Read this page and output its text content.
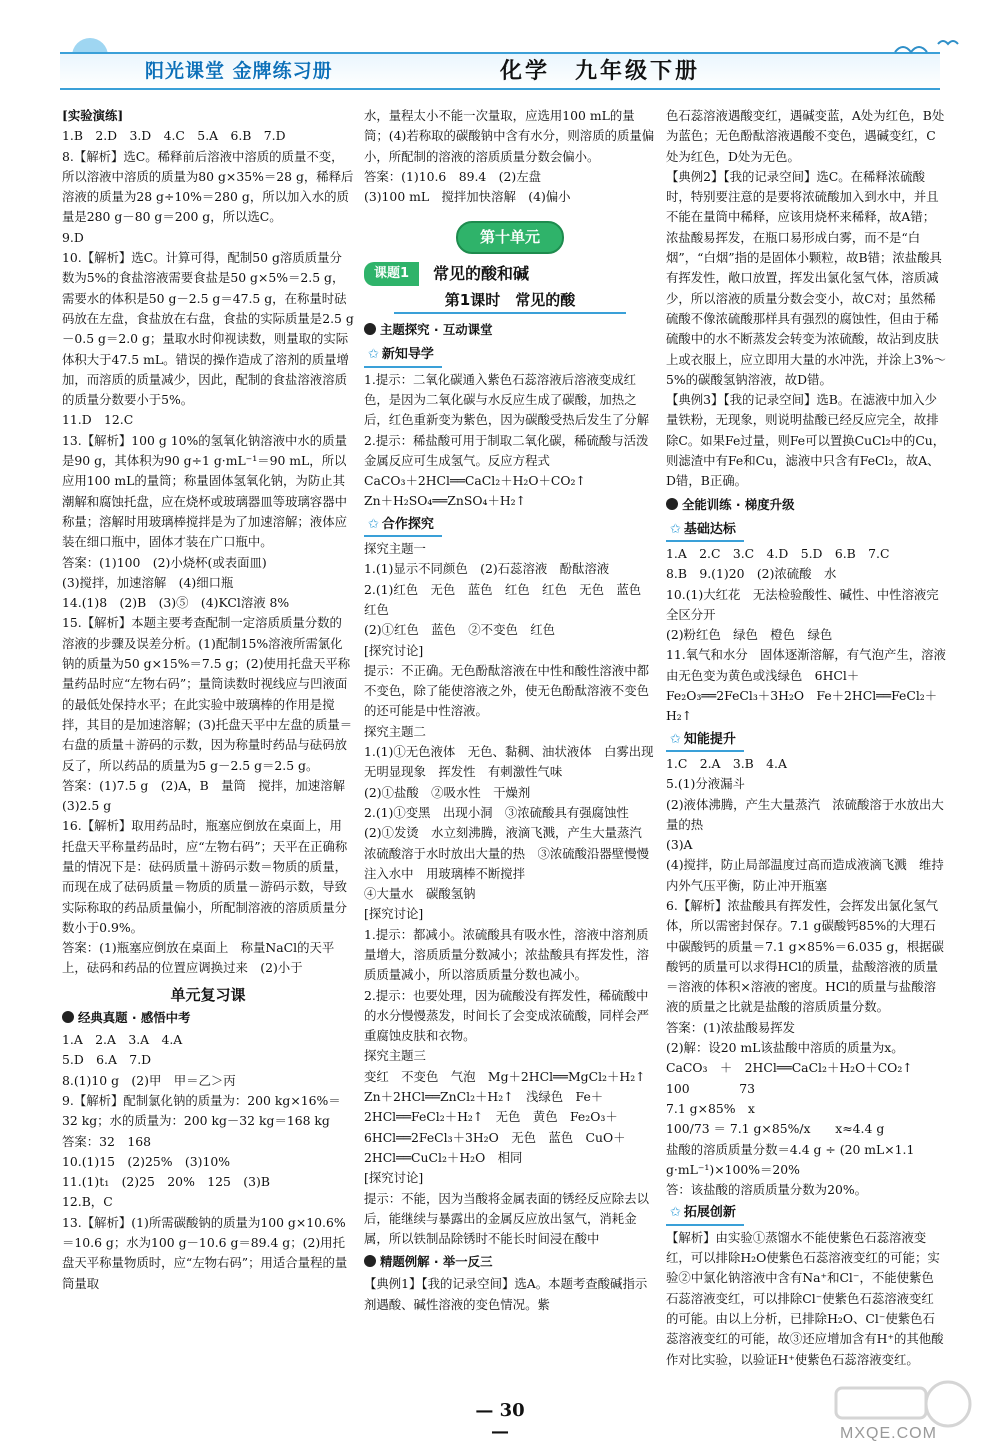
阳光课堂 金牌练习册	化学　九年级下册

[实验演练]

1.B　2.D　3.D　4.C　5.A　6.B　7.D

8.【解析】选C。稀释前后溶液中溶质的质量不变，所以溶液中溶质的质量为80 g×35%＝28 g，稀释后溶液的质量为28 g÷10%＝280 g，所以加入水的质量是280 g－80 g＝200 g，所以选C。

9.D

10.【解析】选C。计算可得，配制50 g溶质质量分数为5%的食盐溶液需要食盐是50 g×5%＝2.5 g，需要水的体积是50 g－2.5 g＝47.5 g，在称量时砝码放在左盘，食盐放在右盘，食盐的实际质量是2.5 g－0.5 g＝2.0 g；量取水时仰视读数，则量取的实际体积大于47.5 mL。错误的操作造成了溶剂的质量增加，而溶质的质量减少，因此，配制的食盐溶液溶质的质量分数要小于5%。

11.D　12.C

13.【解析】100 g 10%的氢氧化钠溶液中水的质量是90 g，其体积为90 g÷1 g·mL⁻¹＝90 mL，所以应用100 mL的量筒；称量固体氢氧化钠，为防止其潮解和腐蚀托盘，应在烧杯或玻璃器皿等玻璃容器中称量；溶解时用玻璃棒搅拌是为了加速溶解；液体应装在细口瓶中，固体才装在广口瓶中。

答案：(1)100　(2)小烧杯(或表面皿)

(3)搅拌，加速溶解　(4)细口瓶

14.(1)8　(2)B　(3)⑤　(4)KCl溶液 8%

15.【解析】本题主要考查配制一定溶质质量分数的溶液的步骤及误差分析。(1)配制15%溶液所需氯化钠的质量为50 g×15%＝7.5 g；(2)使用托盘天平称量药品时应“左物右码”；量筒读数时视线应与凹液面的最低处保持水平；在此实验中玻璃棒的作用是搅拌，其目的是加速溶解；(3)托盘天平中左盘的质量＝右盘的质量＋游码的示数，因为称量时药品与砝码放反了，所以药品的质量为5 g－2.5 g＝2.5 g。

答案：(1)7.5 g　(2)A，B　量筒　搅拌，加速溶解　(3)2.5 g

16.【解析】取用药品时，瓶塞应倒放在桌面上，用托盘天平称量药品时，应“左物右码”；天平在正确称量的情况下是：砝码质量＋游码示数＝物质的质量，而现在成了砝码质量＝物质的质量－游码示数，导致实际称取的药品质量偏小，所配制溶液的溶质质量分数小于0.9%。

答案：(1)瓶塞应倒放在桌面上　称量NaCl的天平上，砝码和药品的位置应调换过来　(2)小于

单元复习课
经典真题 · 感悟中考

1.A　2.A　3.A　4.A

5.D　6.A　7.D

8.(1)10 g　(2)甲　甲＝乙＞丙

9.【解析】配制氯化钠的质量为：200 kg×16%＝32 kg；水的质量为：200 kg－32 kg＝168 kg

答案：32　168

10.(1)15　(2)25%　(3)10%

11.(1)t₁　(2)25　20%　125　(3)B

12.B，C

13.【解析】(1)所需碳酸钠的质量为100 g×10.6%＝10.6 g；水为100 g－10.6 g＝89.4 g；(2)用托盘天平称量物质时，应“左物右码”；用适合量程的量筒量取

水，量程太小不能一次量取，应选用100 mL的量筒；(4)若称取的碳酸钠中含有水分，则溶质的质量偏小，所配制的溶液的溶质质量分数会偏小。

答案：(1)10.6　89.4　(2)左盘

(3)100 mL　搅拌加快溶解　(4)偏小

第十单元
课题1	常见的酸和碱
第1课时　常见的酸
主题探究 · 互动课堂
✩ 新知导学

1.提示：二氧化碳通入紫色石蕊溶液后溶液变成红色，是因为二氧化碳与水反应生成了碳酸，加热之后，红色重新变为紫色，因为碳酸受热后发生了分解

2.提示：稀盐酸可用于制取二氧化碳，稀硫酸与活泼金属反应可生成氢气。反应方程式

CaCO₃＋2HCl══CaCl₂＋H₂O＋CO₂↑

Zn＋H₂SO₄══ZnSO₄＋H₂↑

✩ 合作探究

探究主题一

1.(1)显示不同颜色　(2)石蕊溶液　酚酞溶液

2.(1)红色　无色　蓝色　红色　红色　无色　蓝色　红色

(2)①红色　蓝色　②不变色　红色

[探究讨论]

提示：不正确。无色酚酞溶液在中性和酸性溶液中都不变色，除了能使溶液之外，使无色酚酞溶液不变色的还可能是中性溶液。

探究主题二

1.(1)①无色液体　无色、黏稠、油状液体　白雾出现　无明显现象　挥发性　有刺激性气味

(2)①盐酸　②吸水性　干燥剂

2.(1)①变黑　出现小洞　③浓硫酸具有强腐蚀性

(2)①发烫　水立刻沸腾，液滴飞溅，产生大量蒸汽　浓硫酸溶于水时放出大量的热　③浓硫酸沿器壁慢慢注入水中　用玻璃棒不断搅拌

④大量水　碳酸氢钠

[探究讨论]

1.提示：都减小。浓硫酸具有吸水性，溶液中溶剂质量增大，溶质质量分数减小；浓盐酸具有挥发性，溶质质量减小，所以溶质质量分数也减小。

2.提示：也要处理，因为硫酸没有挥发性，稀硫酸中的水分慢慢蒸发，时间长了会变成浓硫酸，同样会严重腐蚀皮肤和衣物。

探究主题三

变红　不变色　气泡　Mg＋2HCl══MgCl₂＋H₂↑　Zn＋2HCl══ZnCl₂＋H₂↑　浅绿色　Fe＋2HCl══FeCl₂＋H₂↑　无色　黄色　Fe₂O₃＋6HCl══2FeCl₃＋3H₂O　无色　蓝色　CuO＋2HCl══CuCl₂＋H₂O　相同

[探究讨论]

提示：不能，因为当酸将金属表面的锈经反应除去以后，能继续与暴露出的金属反应放出氢气，消耗金属，所以铁制品除锈时不能长时间浸在酸中

精题例解 · 举一反三

【典例1】【我的记录空间】选A。本题考查酸碱指示剂遇酸、碱性溶液的变色情况。紫

色石蕊溶液遇酸变红，遇碱变蓝，A处为红色，B处为蓝色；无色酚酞溶液遇酸不变色，遇碱变红，C处为红色，D处为无色。

【典例2】【我的记录空间】选C。在稀释浓硫酸时，特别要注意的是要将浓硫酸加入到水中，并且不能在量筒中稀释，应该用烧杯来稀释，故A错；浓盐酸易挥发，在瓶口易形成白雾，而不是“白烟”，“白烟”指的是固体小颗粒，故B错；浓盐酸具有挥发性，敞口放置，挥发出氯化氢气体，溶质减少，所以溶液的质量分数会变小，故C对；虽然稀硫酸不像浓硫酸那样具有强烈的腐蚀性，但由于稀硫酸中的水不断蒸发会转变为浓硫酸，故沾到皮肤上或衣服上，应立即用大量的水冲洗，并涂上3%～5%的碳酸氢钠溶液，故D错。

【典例3】【我的记录空间】选B。在滤液中加入少量铁粉，无现象，则说明盐酸已经反应完全，故排除C。如果Fe过量，则Fe可以置换CuCl₂中的Cu，则滤渣中有Fe和Cu，滤液中只含有FeCl₂，故A、D错，B正确。

全能训练 · 梯度升级
✩ 基础达标

1.A　2.C　3.C　4.D　5.D　6.B　7.C

8.B　9.(1)20　(2)浓硫酸　水

10.(1)大红花　无法检验酸性、碱性、中性溶液完全区分开

(2)粉红色　绿色　橙色　绿色

11.氧气和水分　固体逐渐溶解，有气泡产生，溶液由无色变为黄色或浅绿色　6HCl＋Fe₂O₃══2FeCl₃＋3H₂O　Fe＋2HCl══FeCl₂＋H₂↑

✩ 知能提升

1.C　2.A　3.B　4.A

5.(1)分液漏斗

(2)液体沸腾，产生大量蒸汽　浓硫酸溶于水放出大量的热

(3)A

(4)搅拌，防止局部温度过高而造成液滴飞溅　维持内外气压平衡，防止冲开瓶塞

6.【解析】浓盐酸具有挥发性，会挥发出氯化氢气体，所以需密封保存。7.1 g碳酸钙85%的大理石中碳酸钙的质量＝7.1 g×85%＝6.035 g，根据碳酸钙的质量可以求得HCl的质量，盐酸溶液的质量＝溶液的体积×溶液的密度。HCl的质量与盐酸溶液的质量之比就是盐酸的溶质质量分数。

答案：(1)浓盐酸易挥发

(2)解：设20 mL该盐酸中溶质的质量为x。

CaCO₃　＋　2HCl══CaCl₂＋H₂O＋CO₂↑

100　　　　73

7.1 g×85%　x

100/73 ＝ 7.1 g×85%/x　　x≈4.4 g

盐酸的溶质质量分数＝4.4 g ÷ (20 mL×1.1 g·mL⁻¹)×100%＝20%

答：该盐酸的溶质质量分数为20%。

✩ 拓展创新

【解析】由实验①蒸馏水不能使紫色石蕊溶液变红，可以排除H₂O使紫色石蕊溶液变红的可能；实验②中氯化钠溶液中含有Na⁺和Cl⁻，不能使紫色石蕊溶液变红，可以排除Cl⁻使紫色石蕊溶液变红的可能。由以上分析，已排除H₂O、Cl⁻使紫色石蕊溶液变红的可能，故③还应增加含有H⁺的其他酸作对比实验，以验证H⁺使紫色石蕊溶液变红。

— 30 —	MXQE.COM
